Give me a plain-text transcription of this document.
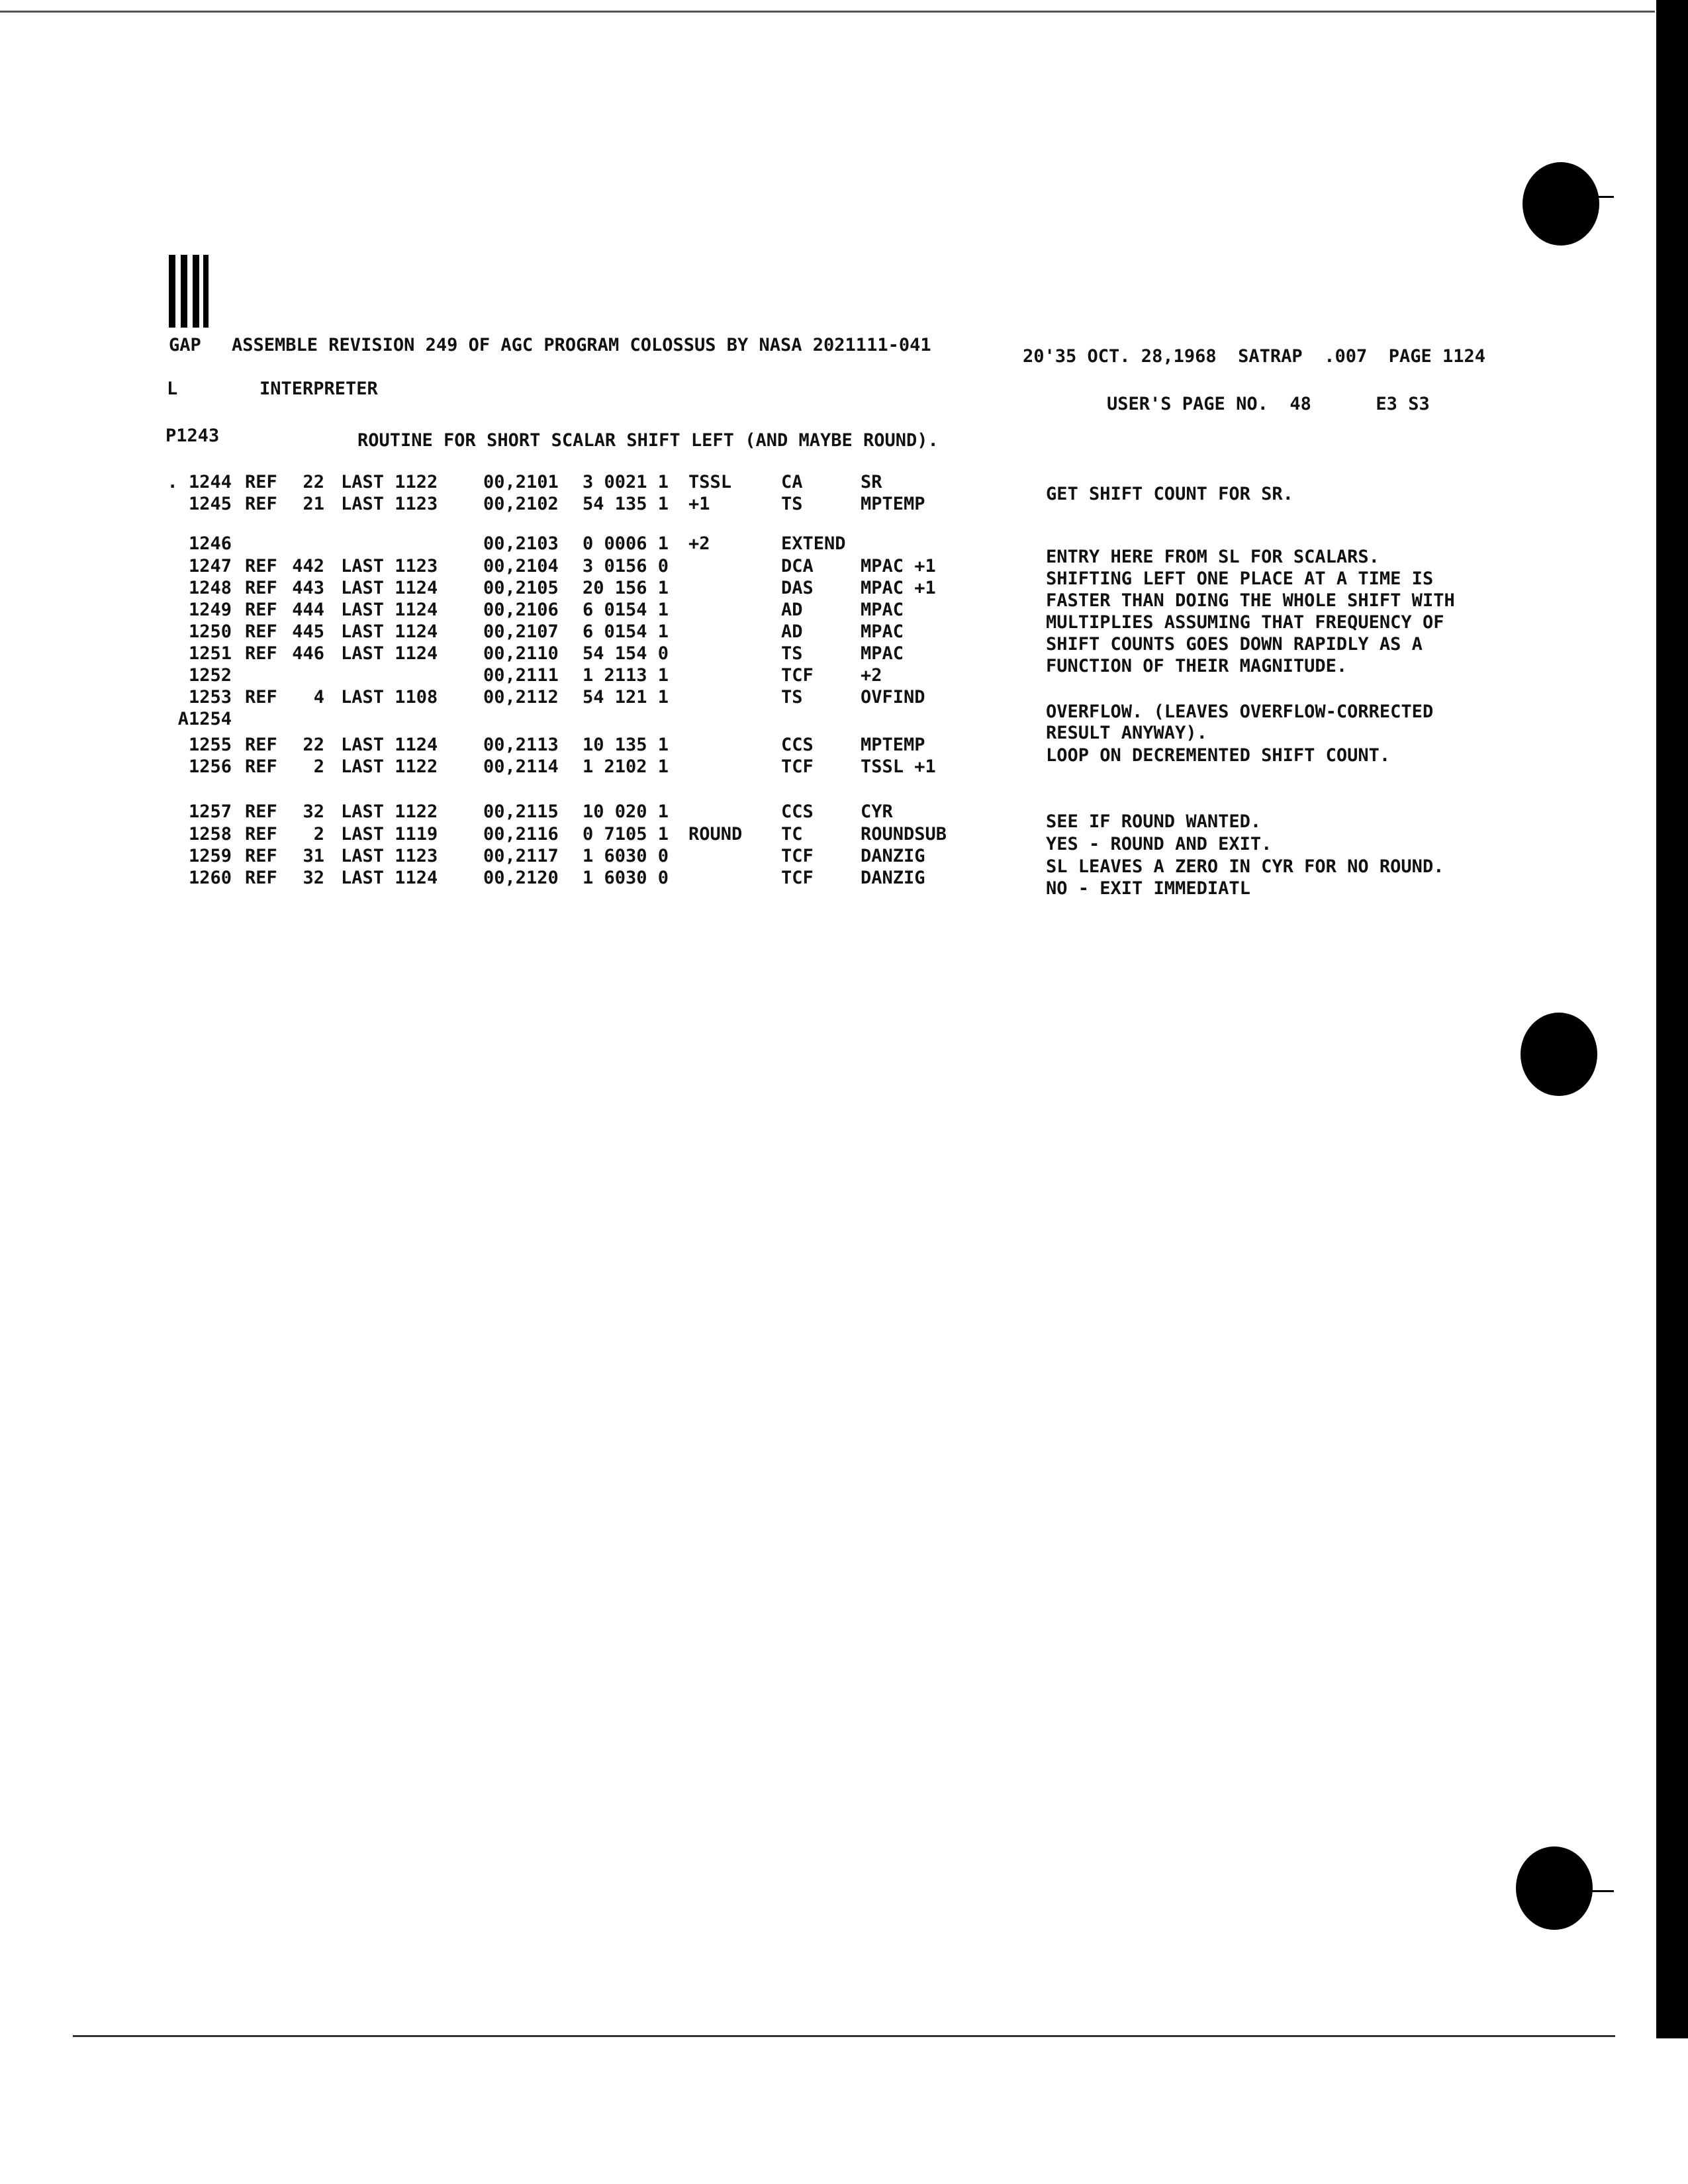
GAP ASSEMBLE REVISION 249 OF AGC PROGRAM COLOSSUS BY NASA 2021111-041
20'35 OCT. 28,1968 SATRAP .007 PAGE 1124
L	INTERPRETER
USER'S PAGE NO. 48	E3 S3
P1243	ROUTINE FOR SHORT SCALAR SHIFT LEFT (AND MAYBE ROUND).
. 1244 REF	22 LAST 1122	00,2101 3 0021 1 TSSL	CA	SR
1245 REF	21 LAST 1123	00,2102 54 135 1 +1	TS	MPTEMP
1246	00,2103 0 0006 1 +2	EXTEND
1247 REF 442 LAST 1123	00,2104 3 0156 0	DCA	MPAC +1
1248 REF 443 LAST 1124	00,2105 20 156 1	DAS	MPAC +1
1249 REF 444 LAST 1124	00,2106 6 0154 1	AD	MPAC
1250 REF 445 LAST 1124	00,2107 6 0154 1	AD	MPAC
1251 REF 446 LAST 1124	00,2110 54 154 0	TS	MPAC
1252	00,2111 1 2113 1	TCF	+2
1253 REF	4 LAST 1108	00,2112 54 121 1	TS	OVFIND
A1254
1255 REF	22 LAST 1124	00,2113 10 135 1	CCS	MPTEMP
1256 REF	2 LAST 1122	00,2114 1 2102 1	TCF	TSSL +1
1257 REF	32 LAST 1122	00,2115 10 020 1	CCS	CYR
1258 REF	2 LAST 1119	00,2116 0 7105 1 ROUND TC	ROUNDSUB
1259 REF	31 LAST 1123	00,2117 1 6030 0	TCF	DANZIG
1260 REF	32 LAST 1124	00,2120 1 6030 0	TCF	DANZIG
GET SHIFT COUNT FOR SR.
ENTRY HERE FROM SL FOR SCALARS.
SHIFTING LEFT ONE PLACE AT A TIME IS
FASTER THAN DOING THE WHOLE SHIFT WITH
MULTIPLIES ASSUMING THAT FREQUENCY OF
SHIFT COUNTS GOES DOWN RAPIDLY AS A
FUNCTION OF THEIR MAGNITUDE.
OVERFLOW. (LEAVES OVERFLOW-CORRECTED
RESULT ANYWAY).
LOOP ON DECREMENTED SHIFT COUNT.
SEE IF ROUND WANTED.
YES - ROUND AND EXIT.
SL LEAVES A ZERO IN CYR FOR NO ROUND.
NO - EXIT IMMEDIATL
